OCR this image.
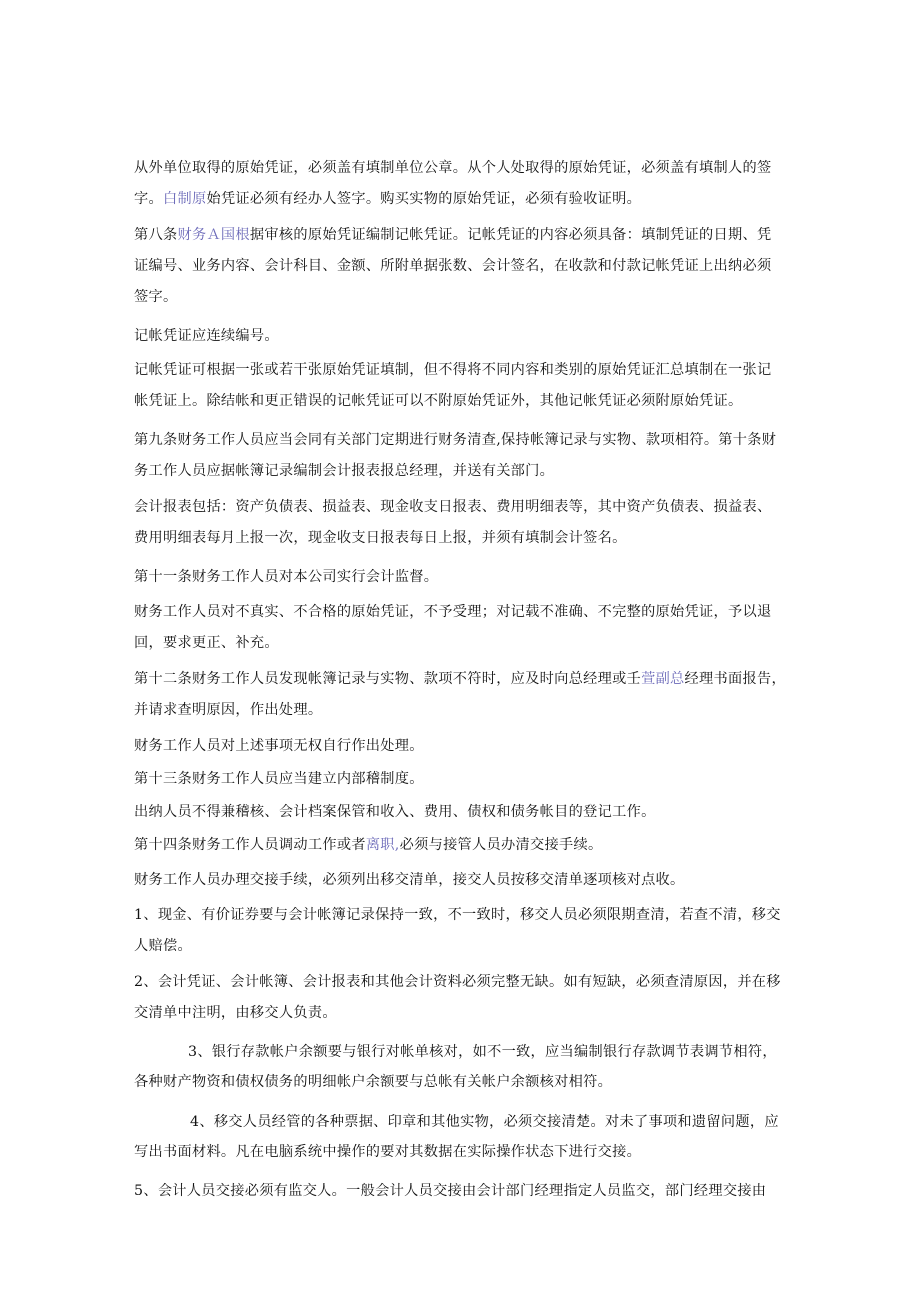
从外单位取得的原始凭证，必须盖有填制单位公章。从个人处取得的原始凭证，必须盖有填制人的签
字。白制原始凭证必须有经办人签字。购买实物的原始凭证，必须有验收证明。
第八条财务Ａ国根据审核的原始凭证编制记帐凭证。记帐凭证的内容必须具备：填制凭证的日期、凭
证编号、业务内容、会计科目、金额、所附单据张数、会计签名，在收款和付款记帐凭证上出纳必须
签字。
记帐凭证应连续编号。
记帐凭证可根据一张或若干张原始凭证填制，但不得将不同内容和类别的原始凭证汇总填制在一张记
帐凭证上。除结帐和更正错误的记帐凭证可以不附原始凭证外，其他记帐凭证必须附原始凭证。
第九条财务工作人员应当会同有关部门定期进行财务清查,保持帐簿记录与实物、款项相符。第十条财
务工作人员应据帐簿记录编制会计报表报总经理，并送有关部门。
会计报表包括：资产负债表、损益表、现金收支日报表、费用明细表等，其中资产负债表、损益表、
费用明细表每月上报一次，现金收支日报表每日上报，并须有填制会计签名。
第十一条财务工作人员对本公司实行会计监督。
财务工作人员对不真实、不合格的原始凭证，不予受理；对记载不准确、不完整的原始凭证，予以退
回，要求更正、补充。
第十二条财务工作人员发现帐簿记录与实物、款项不符时，应及时向总经理或壬萱副总经理书面报告，
并请求查明原因，作出处理。
财务工作人员对上述事项无权自行作出处理。
第十三条财务工作人员应当建立内部稽制度。
出纳人员不得兼稽核、会计档案保管和收入、费用、债权和债务帐目的登记工作。
第十四条财务工作人员调动工作或者离职,必须与接管人员办清交接手续。
财务工作人员办理交接手续，必须列出移交清单，接交人员按移交清单逐项核对点收。
1、现金、有价证券要与会计帐簿记录保持一致，不一致时，移交人员必须限期查清，若查不清，移交
人赔偿。
2、会计凭证、会计帐簿、会计报表和其他会计资料必须完整无缺。如有短缺，必须查清原因，并在移
交清单中注明，由移交人负责。
3、银行存款帐户余额要与银行对帐单核对，如不一致，应当编制银行存款调节表调节相符，
各种财产物资和债权债务的明细帐户余额要与总帐有关帐户余额核对相符。
4、移交人员经管的各种票据、印章和其他实物，必须交接清楚。对未了事项和遗留问题，应
写出书面材料。凡在电脑系统中操作的要对其数据在实际操作状态下进行交接。
5、会计人员交接必须有监交人。一般会计人员交接由会计部门经理指定人员监交，部门经理交接由
